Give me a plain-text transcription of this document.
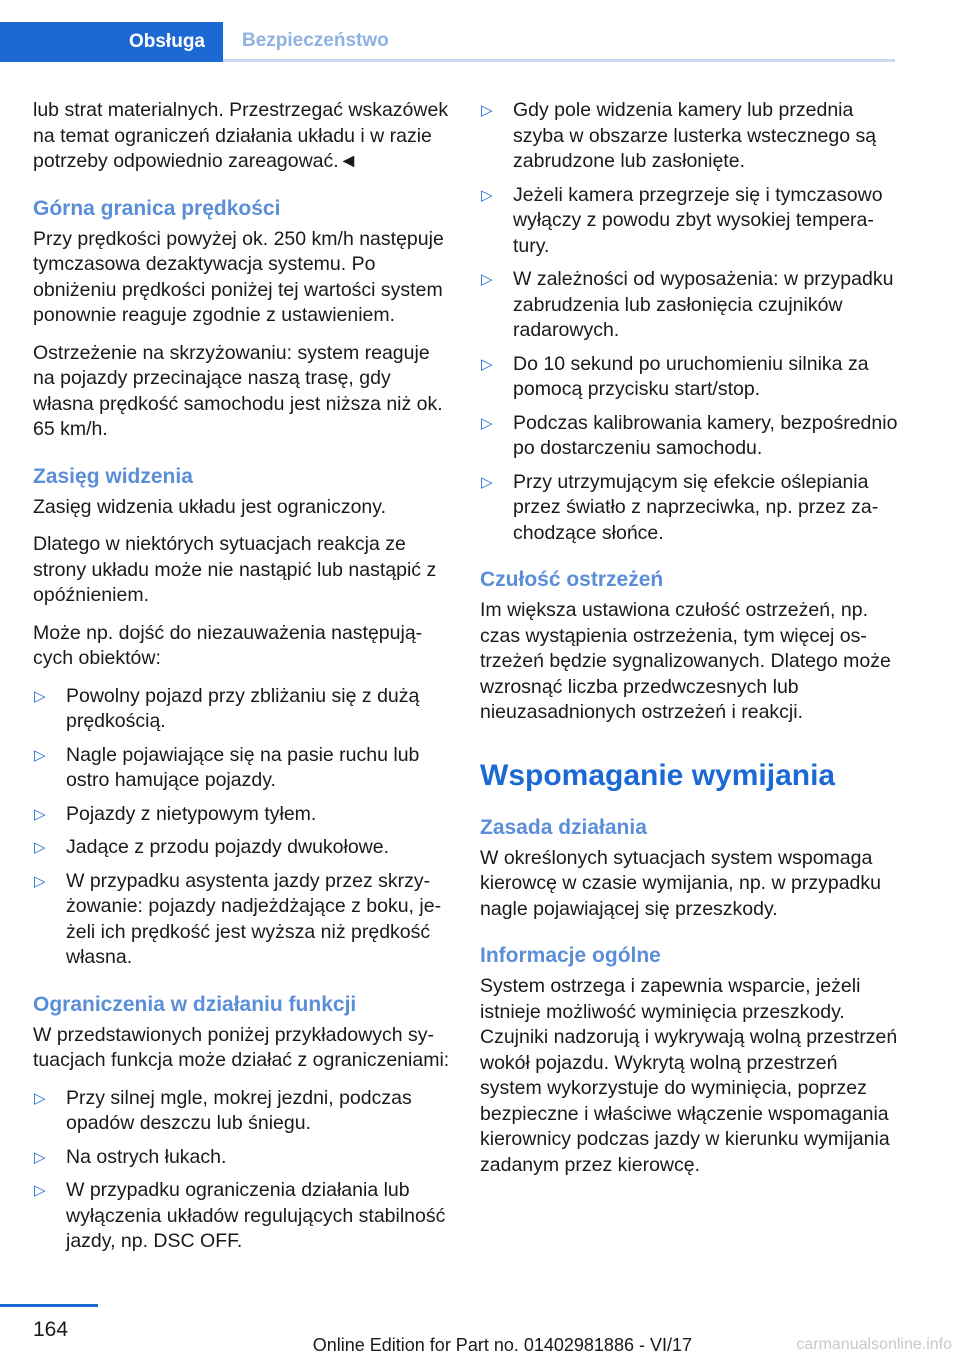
Obsługa	Bezpieczeństwo

lub strat materialnych. Przestrzegać wskazówek na temat ograniczeń działania układu i w razie potrzeby odpowiednio zareagować.◄

Górna granica prędkości

Przy prędkości powyżej ok. 250 km/h następuje tymczasowa dezaktywacja systemu. Po obniżeniu prędkości poniżej tej wartości system ponownie reaguje zgodnie z ustawieniem.

Ostrzeżenie na skrzyżowaniu: system reaguje na pojazdy przecinające naszą trasę, gdy własna prędkość samochodu jest niższa niż ok. 65 km/h.

Zasięg widzenia

Zasięg widzenia układu jest ograniczony.

Dlatego w niektórych sytuacjach reakcja ze strony układu może nie nastąpić lub nastąpić z opóźnieniem.

Może np. dojść do niezauważenia następujących obiektów:

▷ Powolny pojazd przy zbliżaniu się z dużą prędkością.
▷ Nagle pojawiające się na pasie ruchu lub ostro hamujące pojazdy.
▷ Pojazdy z nietypowym tyłem.
▷ Jadące z przodu pojazdy dwukołowe.
▷ W przypadku asystenta jazdy przez skrzyżowanie: pojazdy nadjeżdżające z boku, jeżeli ich prędkość jest wyższa niż prędkość własna.
Ograniczenia w działaniu funkcji

W przedstawionych poniżej przykładowych sytuacjach funkcja może działać z ograniczeniami:

▷ Przy silnej mgle, mokrej jezdni, podczas opadów deszczu lub śniegu.
▷ Na ostrych łukach.
▷ W przypadku ograniczenia działania lub wyłączenia układów regulujących stabilność jazdy, np. DSC OFF.
▷ Gdy pole widzenia kamery lub przednia szyba w obszarze lusterka wstecznego są zabrudzone lub zasłonięte.
▷ Jeżeli kamera przegrzeje się i tymczasowo wyłączy z powodu zbyt wysokiej temperatury.
▷ W zależności od wyposażenia: w przypadku zabrudzenia lub zasłonięcia czujników radarowych.
▷ Do 10 sekund po uruchomieniu silnika za pomocą przycisku start/stop.
▷ Podczas kalibrowania kamery, bezpośrednio po dostarczeniu samochodu.
▷ Przy utrzymującym się efekcie oślepiania przez światło z naprzeciwka, np. przez zachodzące słońce.
Czułość ostrzeżeń

Im większa ustawiona czułość ostrzeżeń, np. czas wystąpienia ostrzeżenia, tym więcej ostrzeżeń będzie sygnalizowanych. Dlatego może wzrosnąć liczba przedwczesnych lub nieuzasadnionych ostrzeżeń i reakcji.

Wspomaganie wymijania
Zasada działania

W określonych sytuacjach system wspomaga kierowcę w czasie wymijania, np. w przypadku nagle pojawiającej się przeszkody.

Informacje ogólne

System ostrzega i zapewnia wsparcie, jeżeli istnieje możliwość wyminięcia przeszkody. Czujniki nadzorują i wykrywają wolną przestrzeń wokół pojazdu. Wykrytą wolną przestrzeń system wykorzystuje do wyminięcia, poprzez bezpieczne i właściwe włączenie wspomagania kierownicy podczas jazdy w kierunku wymijania zadanym przez kierowcę.

164
Online Edition for Part no. 01402981886 - VI/17	carmanualsonline.info
